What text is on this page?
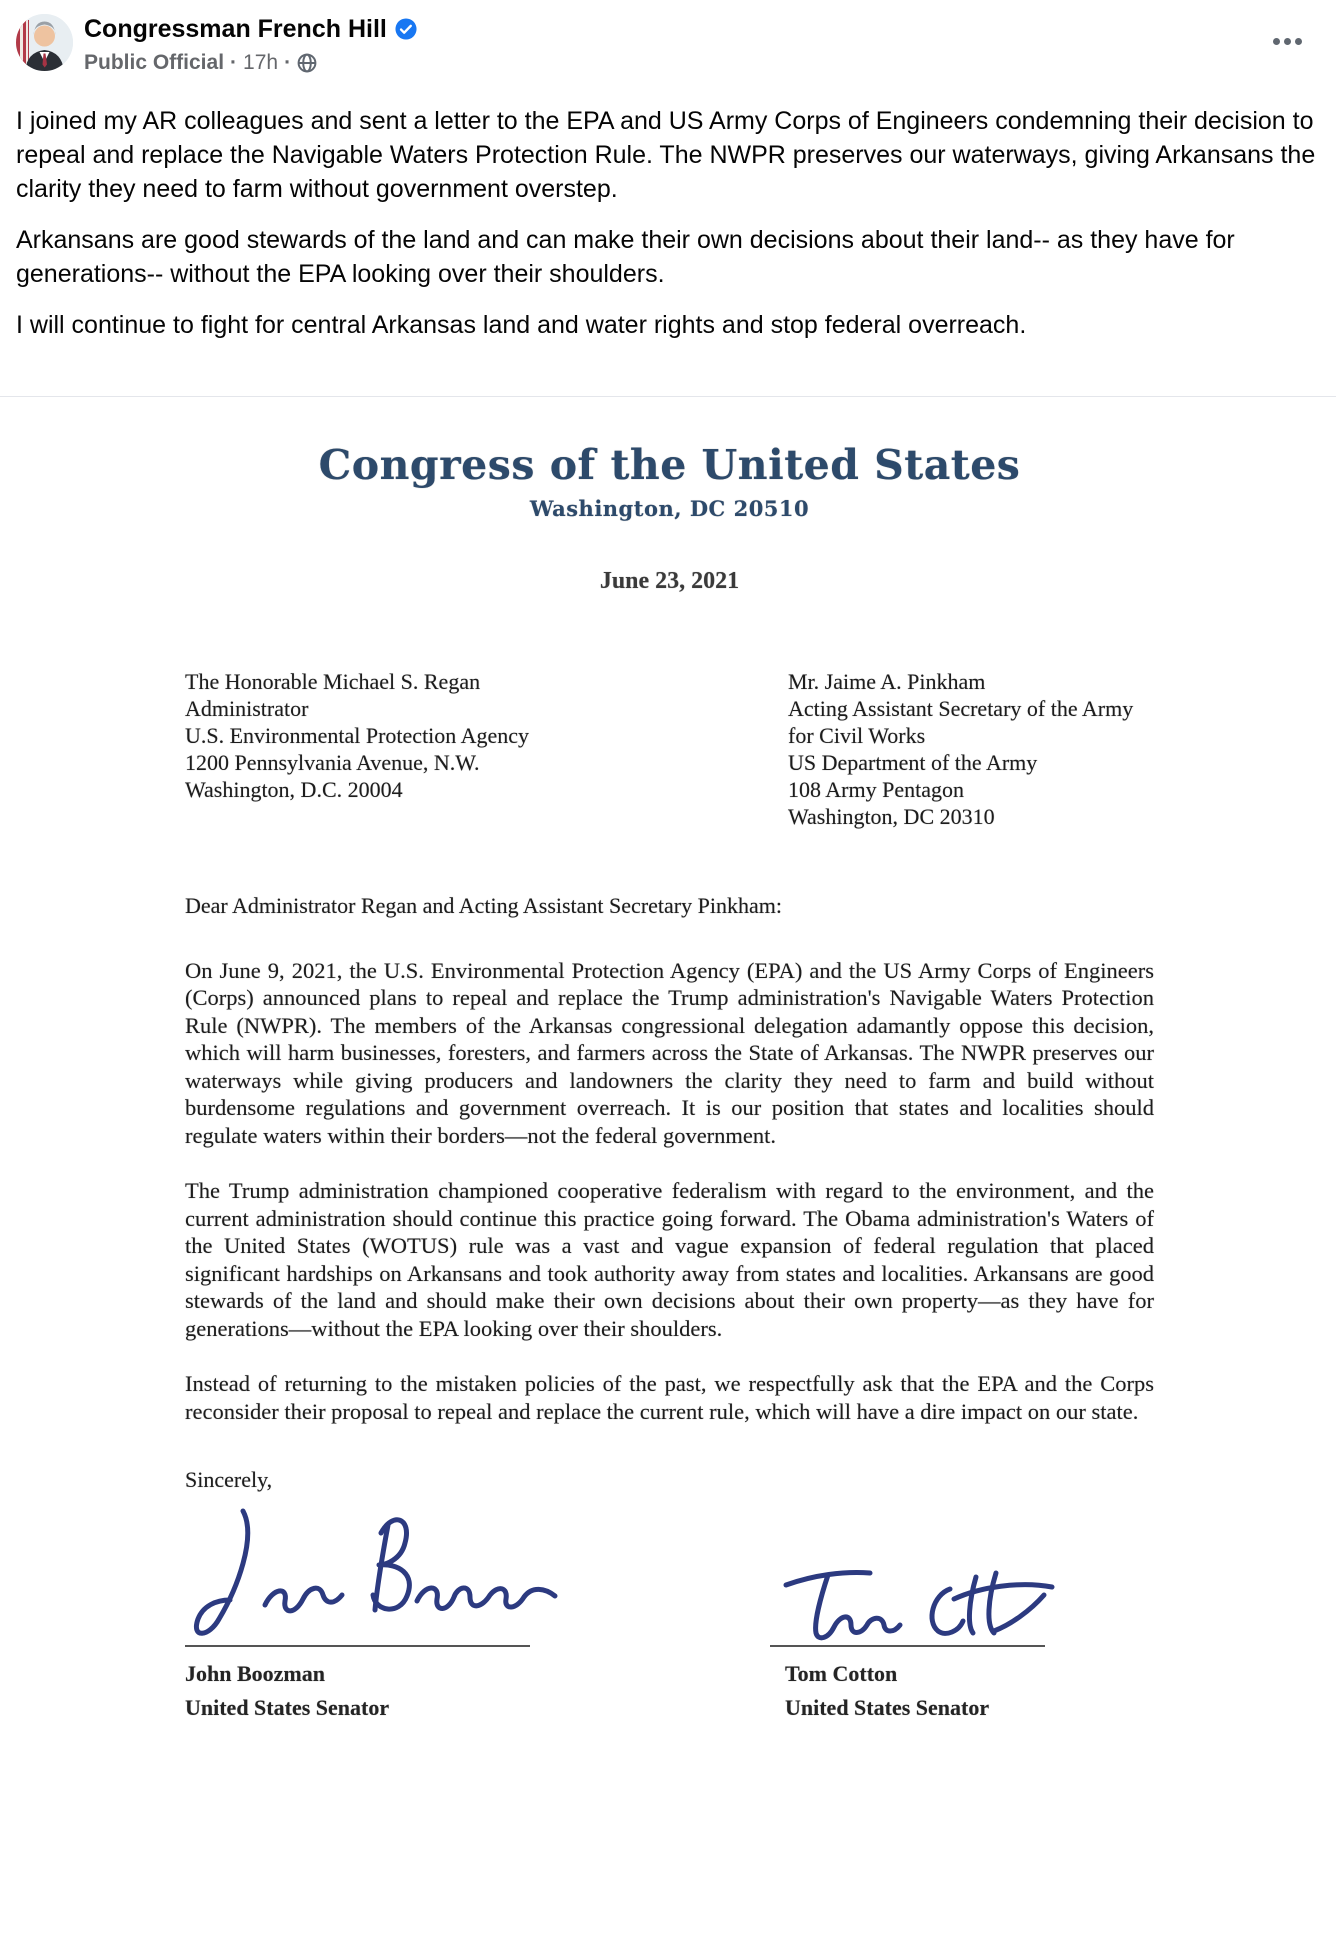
Congressman French Hill
Public Official · 17h ·

I joined my AR colleagues and sent a letter to the EPA and US Army Corps of Engineers condemning their decision to repeal and replace the Navigable Waters Protection Rule. The NWPR preserves our waterways, giving Arkansans the clarity they need to farm without government overstep.

Arkansans are good stewards of the land and can make their own decisions about their land-- as they have for generations-- without the EPA looking over their shoulders.

I will continue to fight for central Arkansas land and water rights and stop federal overreach.

Congress of the United States
Washington, DC 20510
June 23, 2021
The Honorable Michael S. Regan
Administrator
U.S. Environmental Protection Agency
1200 Pennsylvania Avenue, N.W.
Washington, D.C. 20004
Mr. Jaime A. Pinkham
Acting Assistant Secretary of the Army
for Civil Works
US Department of the Army
108 Army Pentagon
Washington, DC 20310
Dear Administrator Regan and Acting Assistant Secretary Pinkham:
On June 9, 2021, the U.S. Environmental Protection Agency (EPA) and the US Army Corps of Engineers (Corps) announced plans to repeal and replace the Trump administration's Navigable Waters Protection Rule (NWPR). The members of the Arkansas congressional delegation adamantly oppose this decision, which will harm businesses, foresters, and farmers across the State of Arkansas. The NWPR preserves our waterways while giving producers and landowners the clarity they need to farm and build without burdensome regulations and government overreach. It is our position that states and localities should regulate waters within their borders—not the federal government.
The Trump administration championed cooperative federalism with regard to the environment, and the current administration should continue this practice going forward. The Obama administration's Waters of the United States (WOTUS) rule was a vast and vague expansion of federal regulation that placed significant hardships on Arkansans and took authority away from states and localities. Arkansans are good stewards of the land and should make their own decisions about their own property—as they have for generations—without the EPA looking over their shoulders.
Instead of returning to the mistaken policies of the past, we respectfully ask that the EPA and the Corps reconsider their proposal to repeal and replace the current rule, which will have a dire impact on our state.
Sincerely,
John Boozman
United States Senator
Tom Cotton
United States Senator
